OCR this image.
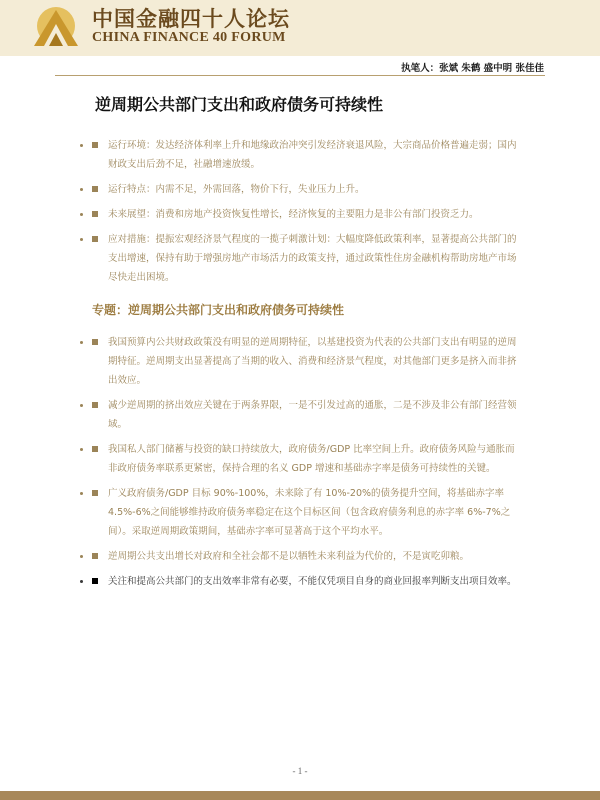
中国金融四十人论坛
CHINA FINANCE 40 FORUM
执笔人：张斌 朱鹤 盛中明 张佳佳
逆周期公共部门支出和政府债务可持续性
• 运行环境：发达经济体利率上升和地缘政治冲突引发经济衰退风险，大宗商品价格普遍走弱；国内财政支出后劲不足，社融增速放缓。
• 运行特点：内需不足，外需回落，物价下行，失业压力上升。
• 未来展望：消费和房地产投资恢复性增长，经济恢复的主要阻力是非公有部门投资乏力。
• 应对措施：提振宏观经济景气程度的一揽子刺激计划：大幅度降低政策利率，显著提高公共部门的支出增速，保持有助于增强房地产市场活力的政策支持，通过政策性住房金融机构帮助房地产市场尽快走出困境。
专题：逆周期公共部门支出和政府债务可持续性
• 我国预算内公共财政政策没有明显的逆周期特征，以基建投资为代表的公共部门支出有明显的逆周期特征。逆周期支出显著提高了当期的收入、消费和经济景气程度，对其他部门更多是挤入而非挤出效应。
• 减少逆周期的挤出效应关键在于两条界限，一是不引发过高的通胀，二是不涉及非公有部门经营领域。
• 我国私人部门储蓄与投资的缺口持续放大，政府债务/GDP 比率空间上升。政府债务风险与通胀而非政府债务率联系更紧密，保持合理的名义 GDP 增速和基础赤字率是债务可持续性的关键。
• 广义政府债务/GDP 目标 90%-100%，未来除了有 10%-20%的债务提升空间，将基础赤字率 4.5%-6%之间能够维持政府债务率稳定在这个目标区间（包含政府债务利息的赤字率 6%-7%之间）。采取逆周期政策期间，基础赤字率可显著高于这个平均水平。
• 逆周期公共支出增长对政府和全社会都不是以牺牲未来利益为代价的，不是寅吃卯粮。
• 关注和提高公共部门的支出效率非常有必要，不能仅凭项目自身的商业回报率判断支出项目效率。
- 1 -
